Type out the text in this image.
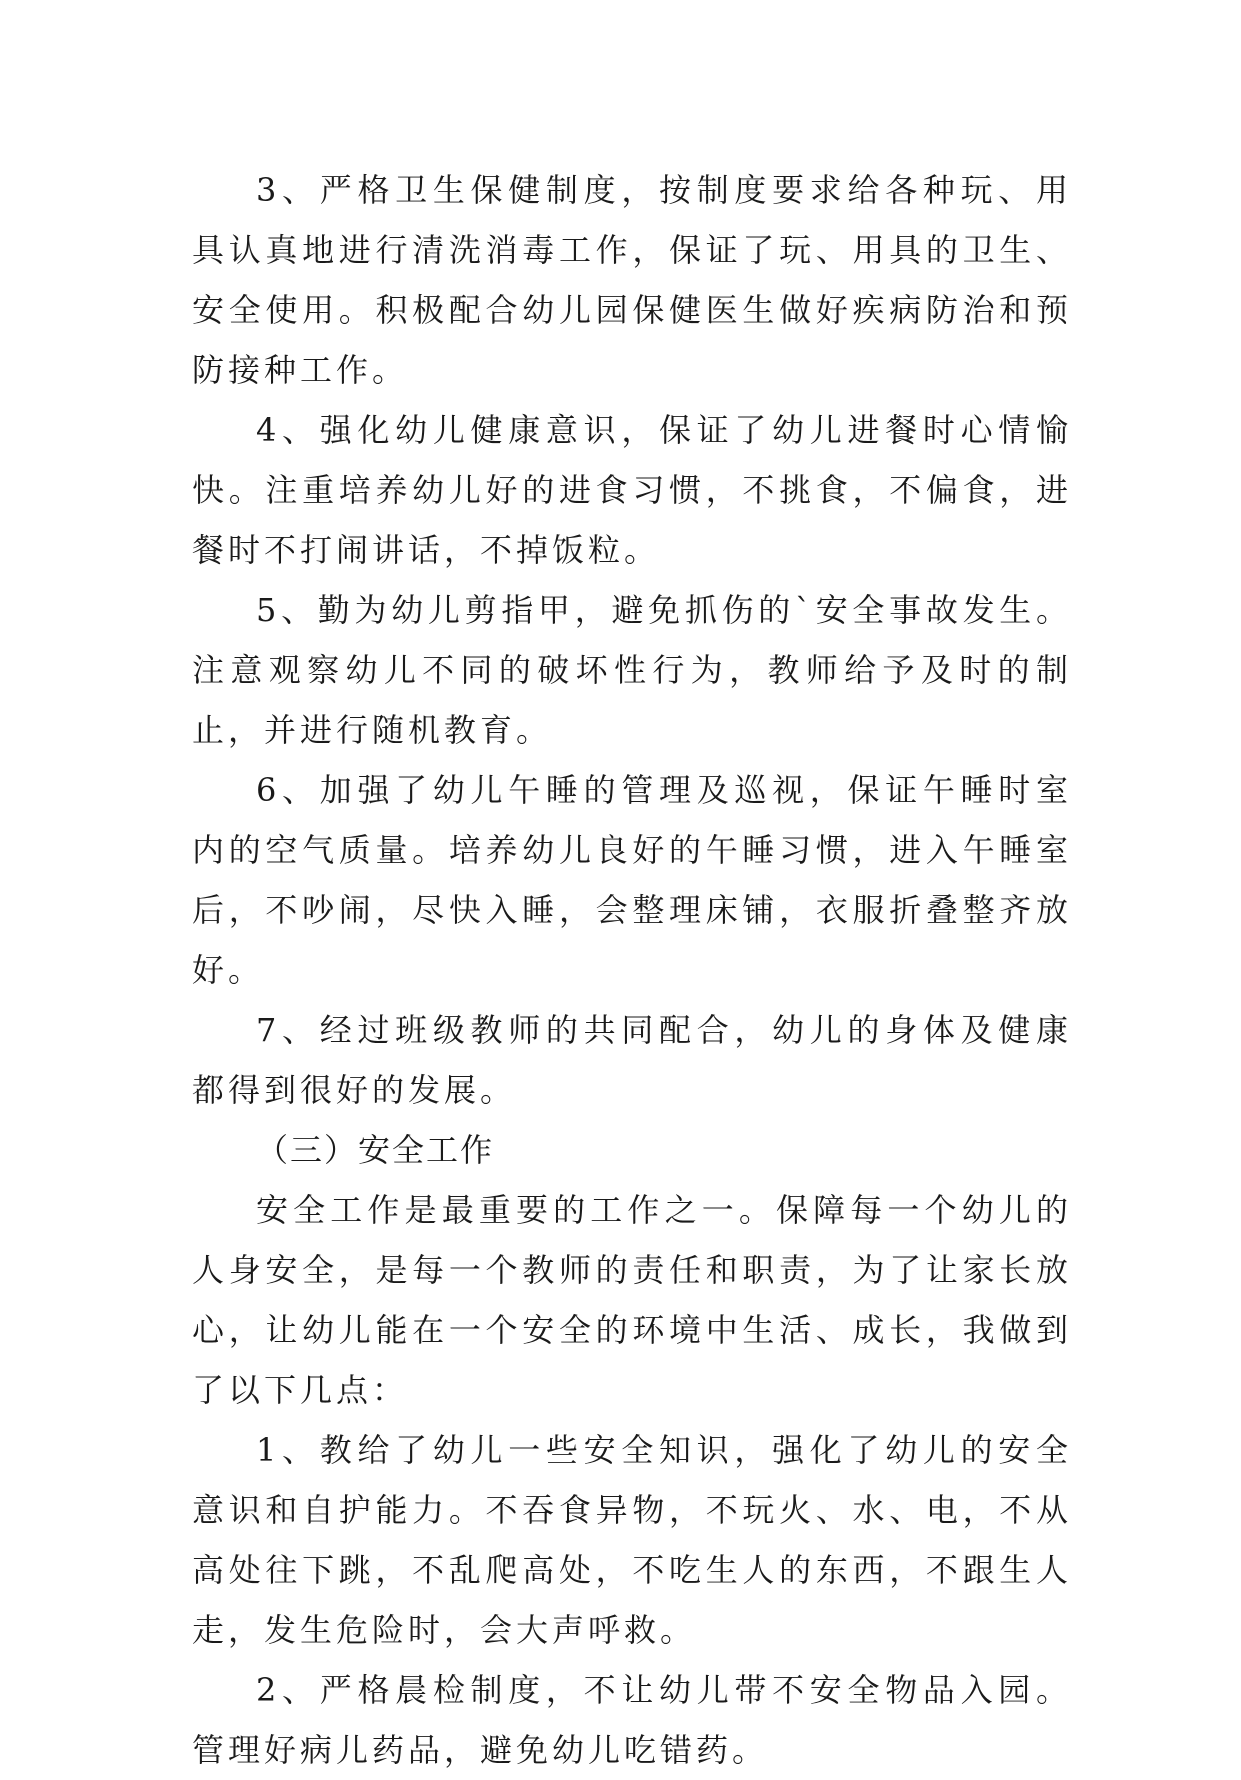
3、严格卫生保健制度，按制度要求给各种玩、用具认真地进行清洗消毒工作，保证了玩、用具的卫生、安全使用。积极配合幼儿园保健医生做好疾病防治和预防接种工作。

4、强化幼儿健康意识，保证了幼儿进餐时心情愉快。注重培养幼儿好的进食习惯，不挑食，不偏食，进餐时不打闹讲话，不掉饭粒。

5、勤为幼儿剪指甲，避免抓伤的`安全事故发生。注意观察幼儿不同的破坏性行为，教师给予及时的制止，并进行随机教育。

6、加强了幼儿午睡的管理及巡视，保证午睡时室内的空气质量。培养幼儿良好的午睡习惯，进入午睡室后，不吵闹，尽快入睡，会整理床铺，衣服折叠整齐放好。

7、经过班级教师的共同配合，幼儿的身体及健康都得到很好的发展。

（三）安全工作

安全工作是最重要的工作之一。保障每一个幼儿的人身安全，是每一个教师的责任和职责，为了让家长放心，让幼儿能在一个安全的环境中生活、成长，我做到了以下几点：

1、教给了幼儿一些安全知识，强化了幼儿的安全意识和自护能力。不吞食异物，不玩火、水、电，不从高处往下跳，不乱爬高处，不吃生人的东西，不跟生人走，发生危险时，会大声呼救。

2、严格晨检制度，不让幼儿带不安全物品入园。管理好病儿药品，避免幼儿吃错药。
